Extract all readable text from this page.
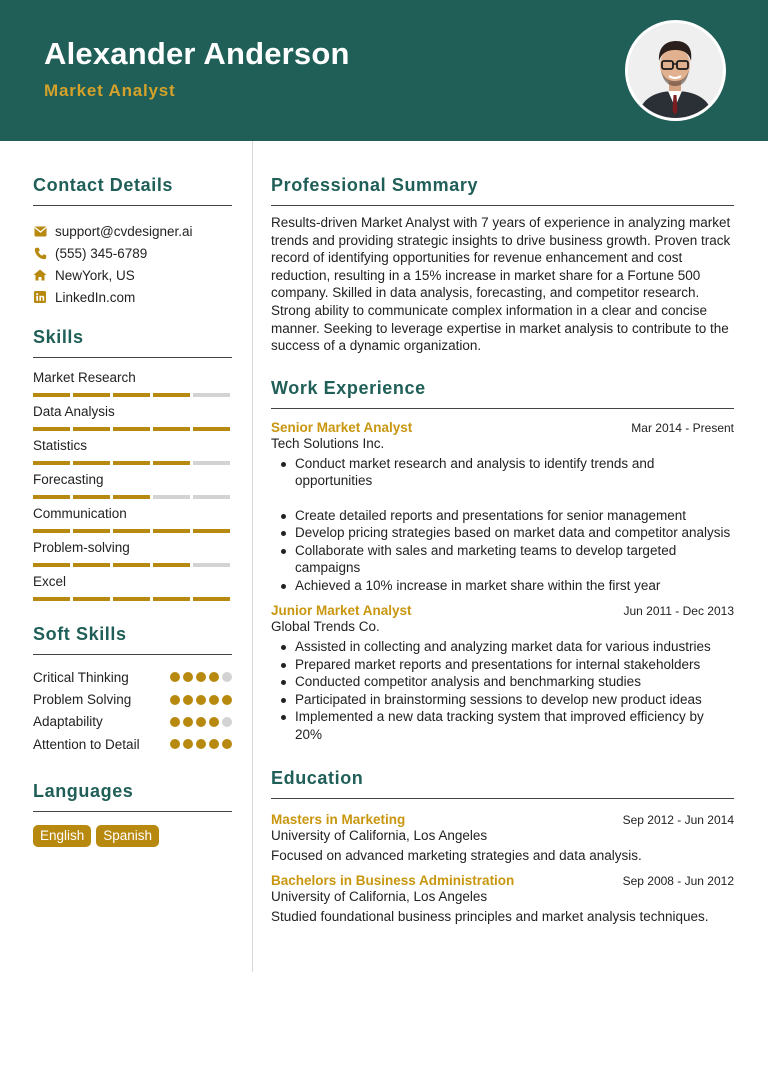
Alexander Anderson
Market Analyst
Contact Details
support@cvdesigner.ai
(555) 345-6789
NewYork, US
LinkedIn.com
Skills
Market Research
Data Analysis
Statistics
Forecasting
Communication
Problem-solving
Excel
Soft Skills
Critical Thinking
Problem Solving
Adaptability
Attention to Detail
Languages
English	Spanish
Professional Summary
Results-driven Market Analyst with 7 years of experience in analyzing market trends and providing strategic insights to drive business growth. Proven track record of identifying opportunities for revenue enhancement and cost reduction, resulting in a 15% increase in market share for a Fortune 500 company. Skilled in data analysis, forecasting, and competitor research. Strong ability to communicate complex information in a clear and concise manner. Seeking to leverage expertise in market analysis to contribute to the success of a dynamic organization.
Work Experience
Senior Market Analyst	Mar 2014 - Present
Tech Solutions Inc.
Conduct market research and analysis to identify trends and opportunities
Create detailed reports and presentations for senior management
Develop pricing strategies based on market data and competitor analysis
Collaborate with sales and marketing teams to develop targeted campaigns
Achieved a 10% increase in market share within the first year
Junior Market Analyst	Jun 2011 - Dec 2013
Global Trends Co.
Assisted in collecting and analyzing market data for various industries
Prepared market reports and presentations for internal stakeholders
Conducted competitor analysis and benchmarking studies
Participated in brainstorming sessions to develop new product ideas
Implemented a new data tracking system that improved efficiency by 20%
Education
Masters in Marketing	Sep 2012 - Jun 2014
University of California, Los Angeles
Focused on advanced marketing strategies and data analysis.
Bachelors in Business Administration	Sep 2008 - Jun 2012
University of California, Los Angeles
Studied foundational business principles and market analysis techniques.
